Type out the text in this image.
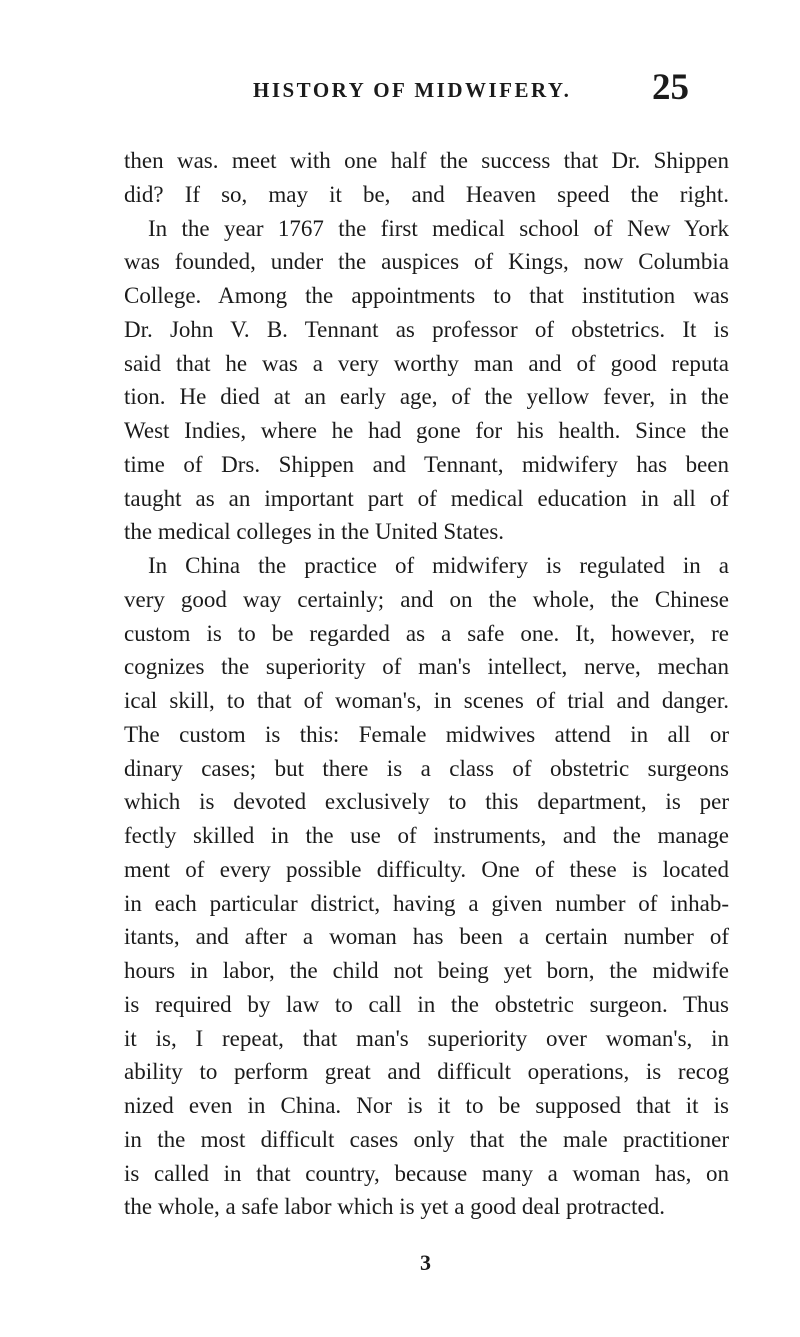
HISTORY OF MIDWIFERY. 25
then was. meet with one half the success that Dr. Shippen
did? If so, may it be, and Heaven speed the right.
In the year 1767 the first medical school of New York
was founded, under the auspices of Kings, now Columbia
College. Among the appointments to that institution was
Dr. John V. B. Tennant as professor of obstetrics. It is
said that he was a very worthy man and of good reputa
tion. He died at an early age, of the yellow fever, in the
West Indies, where he had gone for his health. Since the
time of Drs. Shippen and Tennant, midwifery has been
taught as an important part of medical education in all of
the medical colleges in the United States.
In China the practice of midwifery is regulated in a
very good way certainly; and on the whole, the Chinese
custom is to be regarded as a safe one. It, however, re
cognizes the superiority of man's intellect, nerve, mechan
ical skill, to that of woman's, in scenes of trial and danger.
The custom is this: Female midwives attend in all or
dinary cases; but there is a class of obstetric surgeons
which is devoted exclusively to this department, is per
fectly skilled in the use of instruments, and the manage
ment of every possible difficulty. One of these is located
in each particular district, having a given number of inhab-
itants, and after a woman has been a certain number of
hours in labor, the child not being yet born, the midwife
is required by law to call in the obstetric surgeon. Thus
it is, I repeat, that man's superiority over woman's, in
ability to perform great and difficult operations, is recog
nized even in China. Nor is it to be supposed that it is
in the most difficult cases only that the male practitioner
is called in that country, because many a woman has, on
the whole, a safe labor which is yet a good deal protracted.
3
